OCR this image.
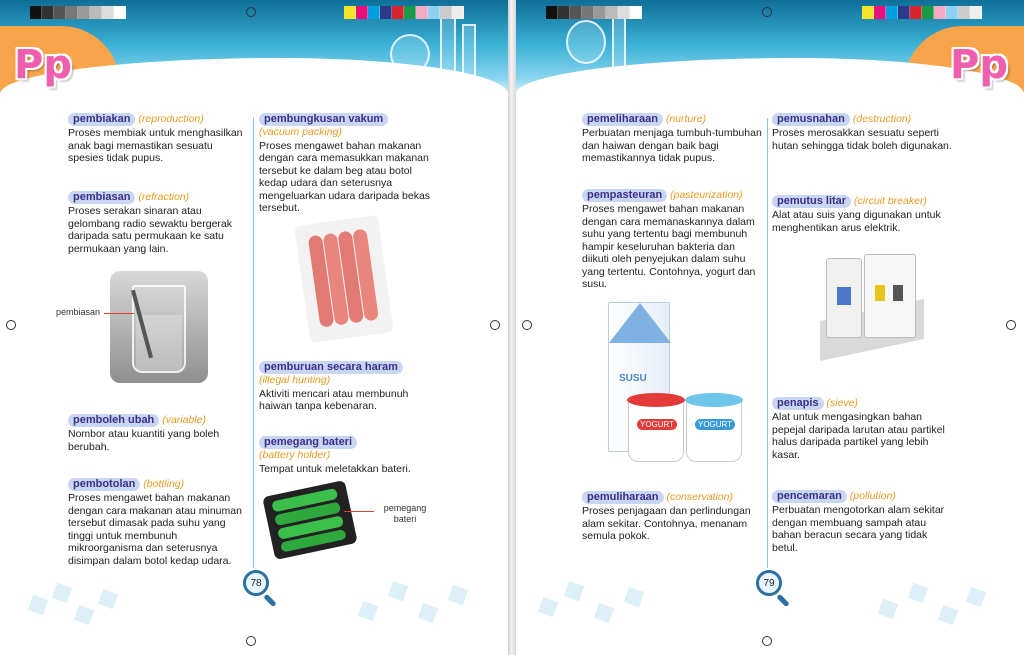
Pp
pembiakan (reproduction)
Proses membiak untuk menghasilkan anak bagi memastikan sesuatu spesies tidak pupus.
pembiasan (refraction)
Proses serakan sinaran atau gelombang radio sewaktu bergerak daripada satu permukaan ke satu permukaan yang lain.
pembiasan
pemboleh ubah (variable)
Nombor atau kuantiti yang boleh berubah.
pembotolan (bottling)
Proses mengawet bahan makanan dengan cara makanan atau minuman tersebut dimasak pada suhu yang tinggi untuk membunuh mikroorganisma dan seterusnya disimpan dalam botol kedap udara.
pembungkusan vakum
(vacuum packing)
Proses mengawet bahan makanan dengan cara memasukkan makanan tersebut ke dalam beg atau botol kedap udara dan seterusnya mengeluarkan udara daripada bekas tersebut.
pemburuan secara haram
(illegal hunting)
Aktiviti mencari atau membunuh haiwan tanpa kebenaran.
pemegang bateri
(battery holder)
Tempat untuk meletakkan bateri.
pemegang bateri
78
Pp
pemeliharaan (nurture)
Perbuatan menjaga tumbuh-tumbuhan dan haiwan dengan baik bagi memastikannya tidak pupus.
pempasteuran (pasteurization)
Proses mengawet bahan makanan dengan cara memanaskannya dalam suhu yang tertentu bagi membunuh hampir keseluruhan bakteria dan diikuti oleh penyejukan dalam suhu yang tertentu. Contohnya, yogurt dan susu.
SUSU
YOGURT	YOGURT
pemuliharaan (conservation)
Proses penjagaan dan perlindungan alam sekitar. Contohnya, menanam semula pokok.
pemusnahan (destruction)
Proses merosakkan sesuatu seperti hutan sehingga tidak boleh digunakan.
pemutus litar (circuit breaker)
Alat atau suis yang digunakan untuk menghentikan arus elektrik.
penapis (sieve)
Alat untuk mengasingkan bahan pepejal daripada larutan atau partikel halus daripada partikel yang lebih kasar.
pencemaran (pollution)
Perbuatan mengotorkan alam sekitar dengan membuang sampah atau bahan beracun secara yang tidak betul.
79
